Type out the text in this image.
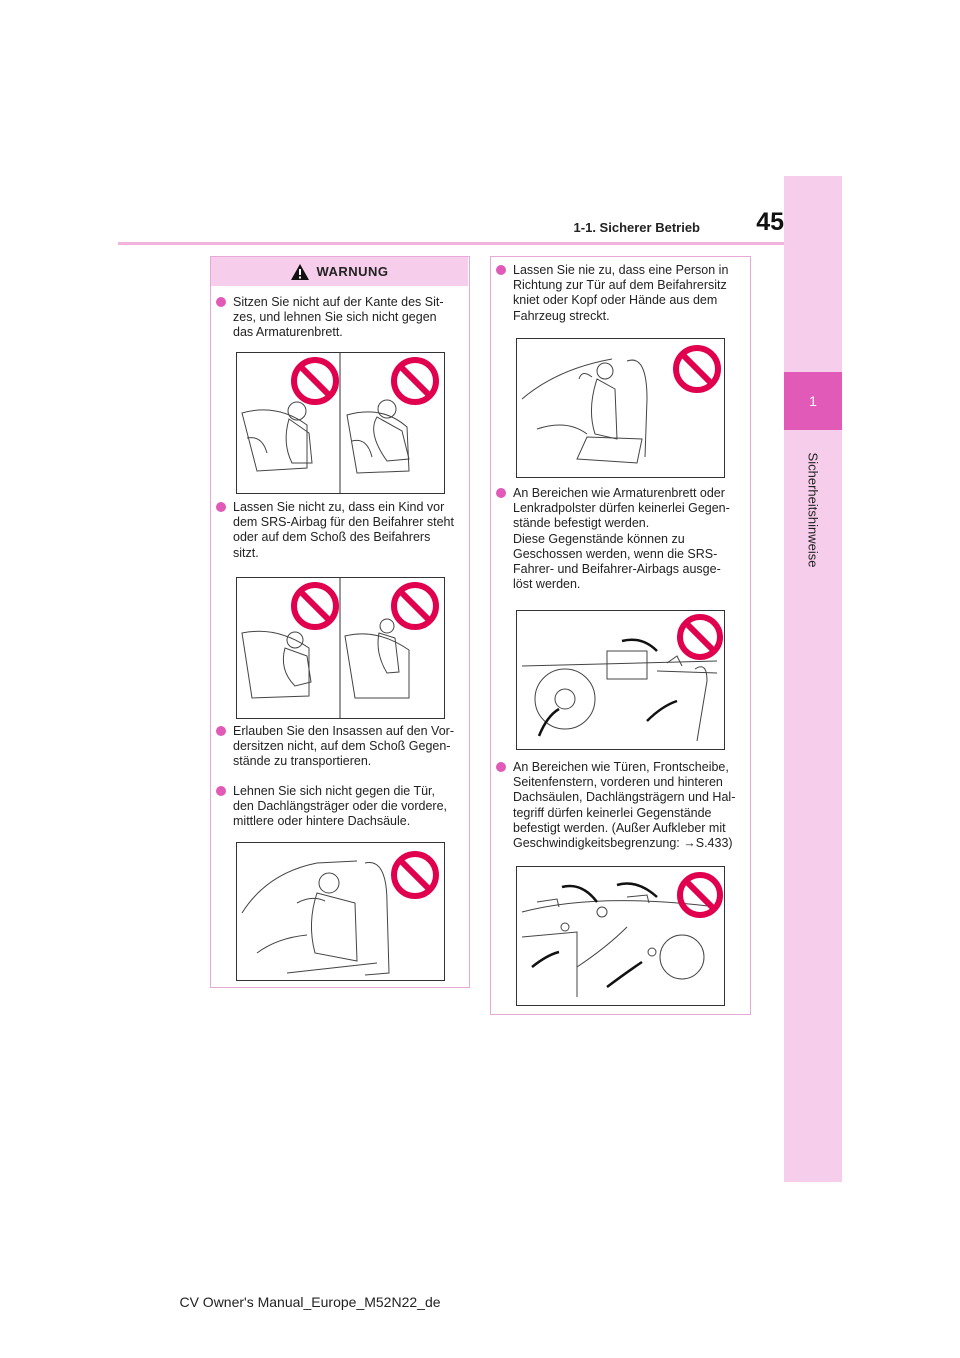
45
1-1. Sicherer Betrieb
1
Sicherheitshinweise
WARNUNG
Sitzen Sie nicht auf der Kante des Sit-
zes, und lehnen Sie sich nicht gegen
das Armaturenbrett.
Lassen Sie nicht zu, dass ein Kind vor
dem SRS-Airbag für den Beifahrer steht
oder auf dem Schoß des Beifahrers
sitzt.
Erlauben Sie den Insassen auf den Vor-
dersitzen nicht, auf dem Schoß Gegen-
stände zu transportieren.
Lehnen Sie sich nicht gegen die Tür,
den Dachlängsträger oder die vordere,
mittlere oder hintere Dachsäule.
Lassen Sie nie zu, dass eine Person in
Richtung zur Tür auf dem Beifahrersitz
kniet oder Kopf oder Hände aus dem
Fahrzeug streckt.
An Bereichen wie Armaturenbrett oder
Lenkradpolster dürfen keinerlei Gegen-
stände befestigt werden.
Diese Gegenstände können zu
Geschossen werden, wenn die SRS-
Fahrer- und Beifahrer-Airbags ausge-
löst werden.
An Bereichen wie Türen, Frontscheibe,
Seitenfenstern, vorderen und hinteren
Dachsäulen, Dachlängsträgern und Hal-
tegriff dürfen keinerlei Gegenstände
befestigt werden. (Außer Aufkleber mit
Geschwindigkeitsbegrenzung: →S.433)
CV Owner's Manual_Europe_M52N22_de
